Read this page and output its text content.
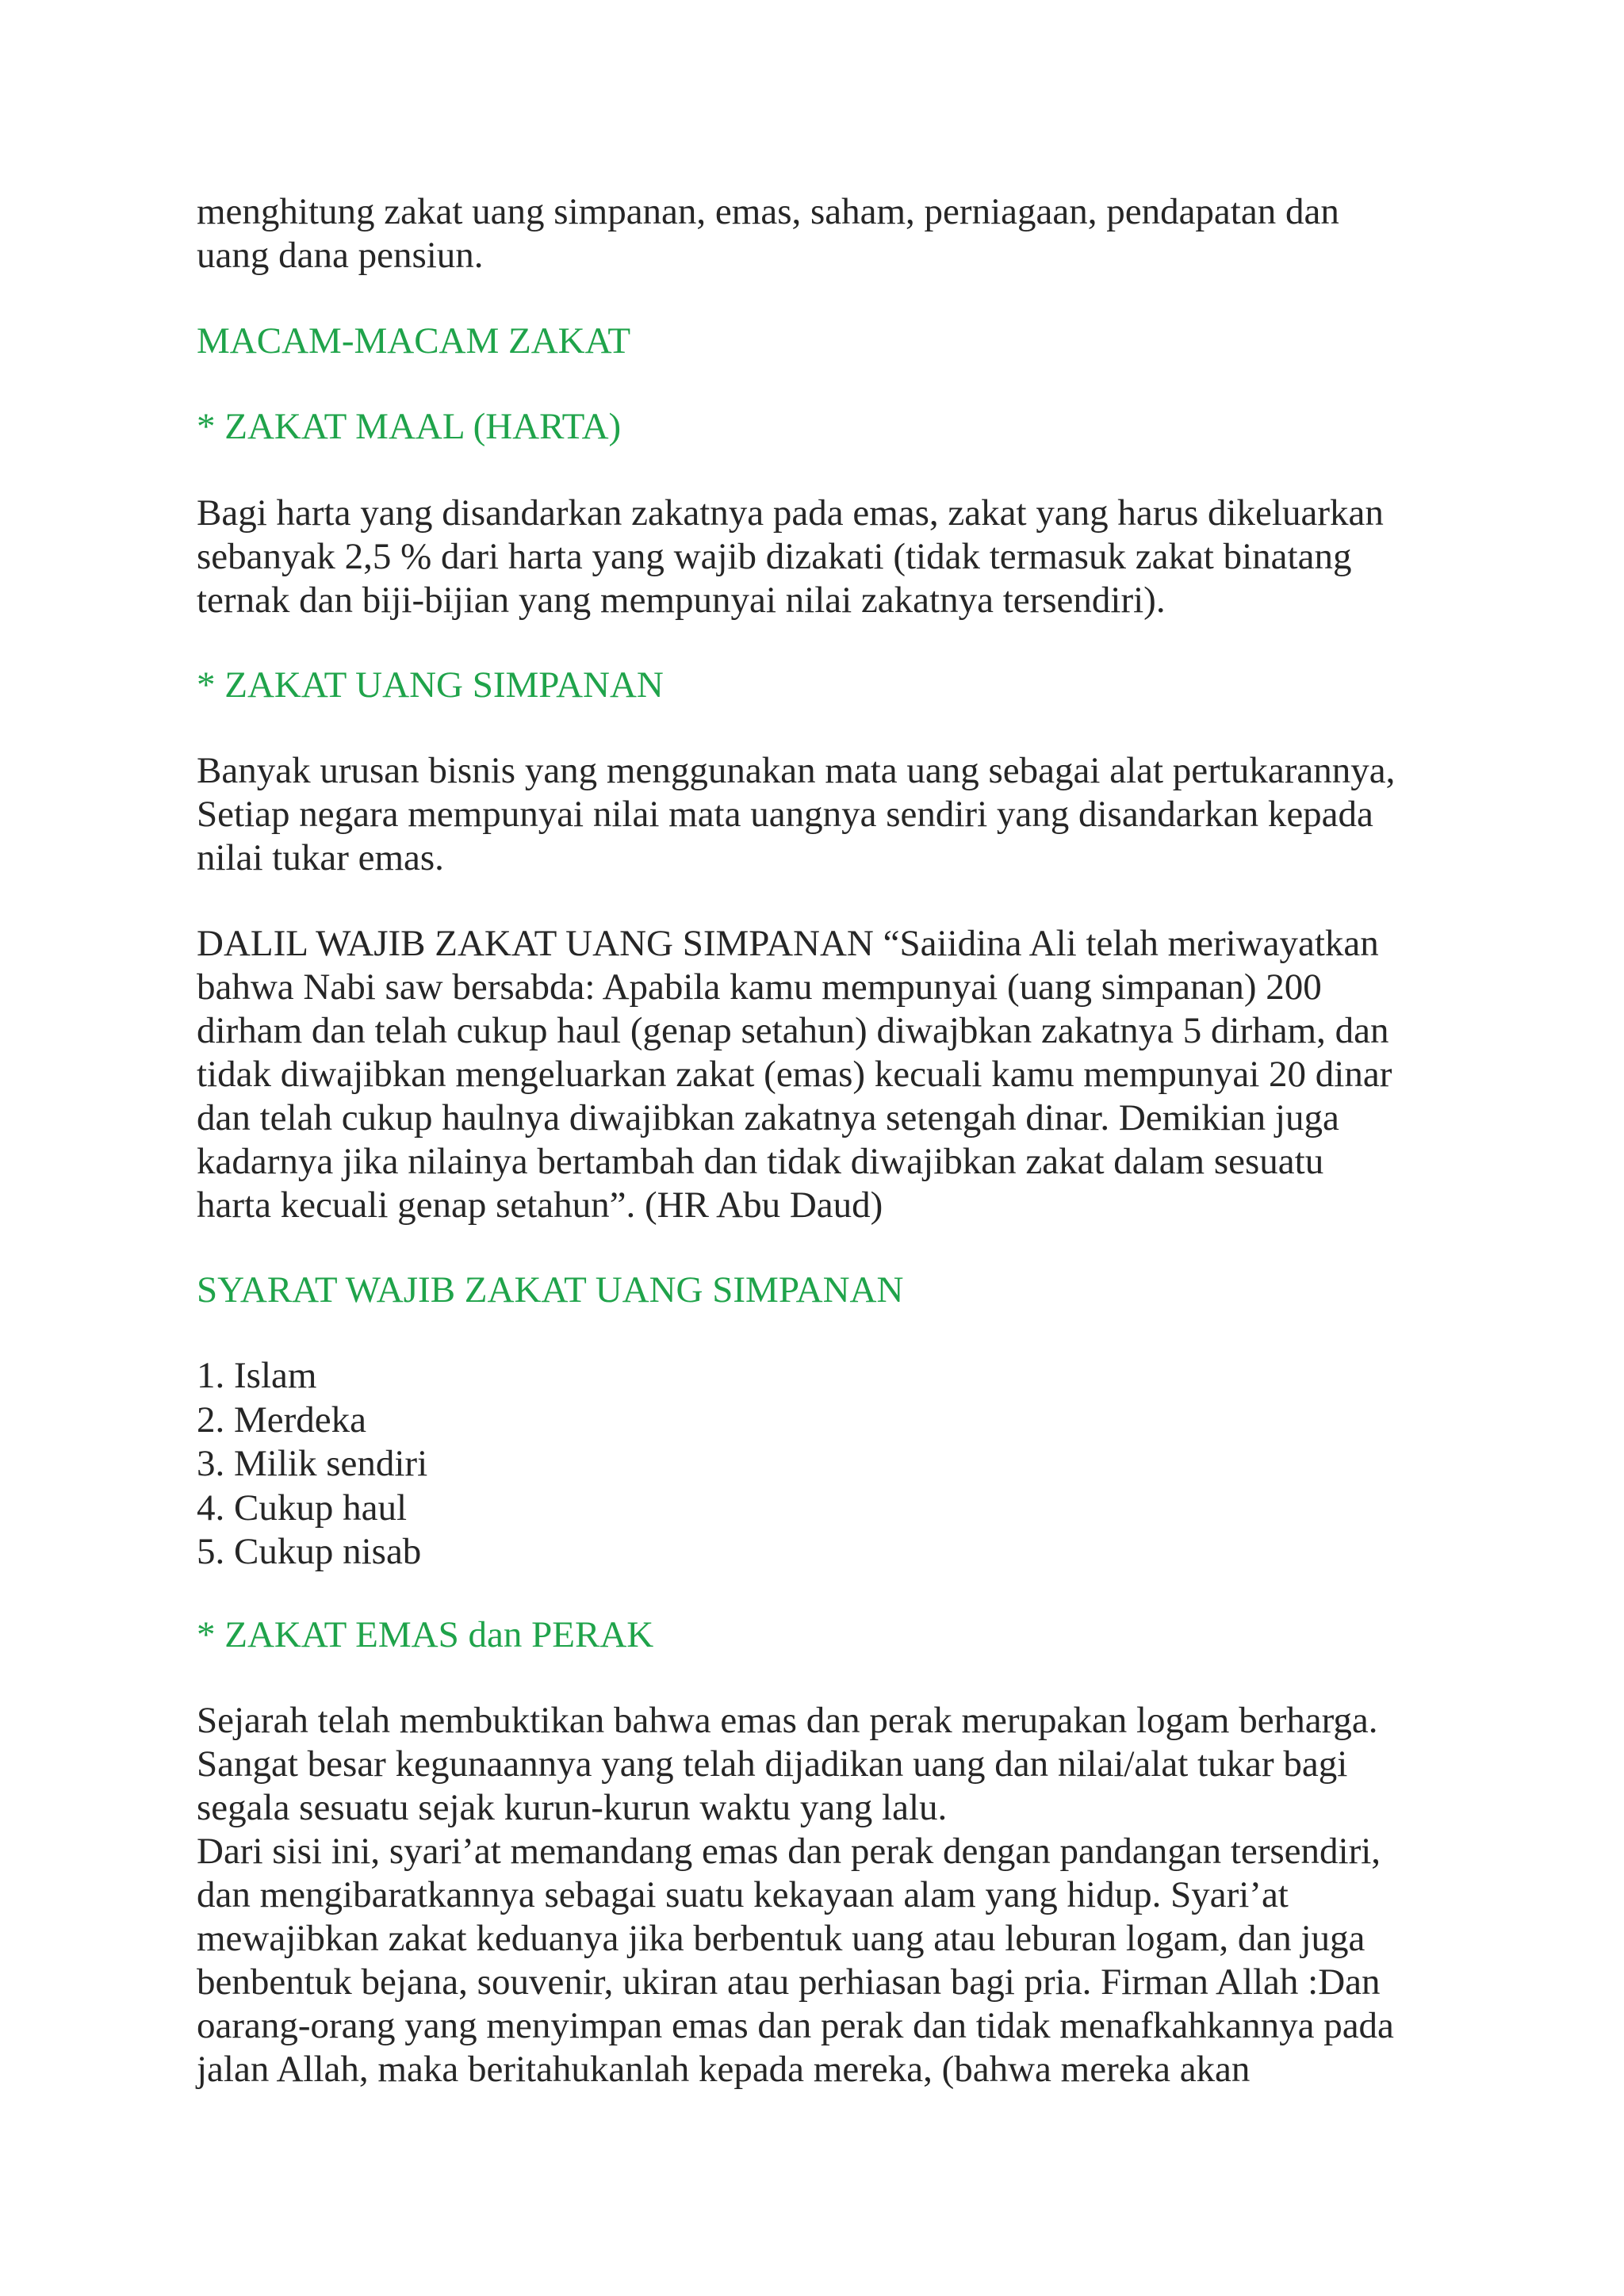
menghitung zakat uang simpanan, emas, saham, perniagaan, pendapatan dan
uang dana pensiun.

MACAM-MACAM ZAKAT
* ZAKAT MAAL (HARTA)

Bagi harta yang disandarkan zakatnya pada emas, zakat yang harus dikeluarkan
sebanyak 2,5 % dari harta yang wajib dizakati (tidak termasuk zakat binatang
ternak dan biji-bijian yang mempunyai nilai zakatnya tersendiri).

* ZAKAT UANG SIMPANAN

Banyak urusan bisnis yang menggunakan mata uang sebagai alat pertukarannya,
Setiap negara mempunyai nilai mata uangnya sendiri yang disandarkan kepada
nilai tukar emas.

DALIL WAJIB ZAKAT UANG SIMPANAN “Saiidina Ali telah meriwayatkan
bahwa Nabi saw bersabda: Apabila kamu mempunyai (uang simpanan) 200
dirham dan telah cukup haul (genap setahun) diwajbkan zakatnya 5 dirham, dan
tidak diwajibkan mengeluarkan zakat (emas) kecuali kamu mempunyai 20 dinar
dan telah cukup haulnya diwajibkan zakatnya setengah dinar. Demikian juga
kadarnya jika nilainya bertambah dan tidak diwajibkan zakat dalam sesuatu
harta kecuali genap setahun”. (HR Abu Daud)

SYARAT WAJIB ZAKAT UANG SIMPANAN
1. Islam
2. Merdeka
3. Milik sendiri
4. Cukup haul
5. Cukup nisab
* ZAKAT EMAS dan PERAK

Sejarah telah membuktikan bahwa emas dan perak merupakan logam berharga.
Sangat besar kegunaannya yang telah dijadikan uang dan nilai/alat tukar bagi
segala sesuatu sejak kurun-kurun waktu yang lalu.
Dari sisi ini, syari’at memandang emas dan perak dengan pandangan tersendiri,
dan mengibaratkannya sebagai suatu kekayaan alam yang hidup. Syari’at
mewajibkan zakat keduanya jika berbentuk uang atau leburan logam, dan juga
benbentuk bejana, souvenir, ukiran atau perhiasan bagi pria. Firman Allah :Dan
oarang-orang yang menyimpan emas dan perak dan tidak menafkahkannya pada
jalan Allah, maka beritahukanlah kepada mereka, (bahwa mereka akan
